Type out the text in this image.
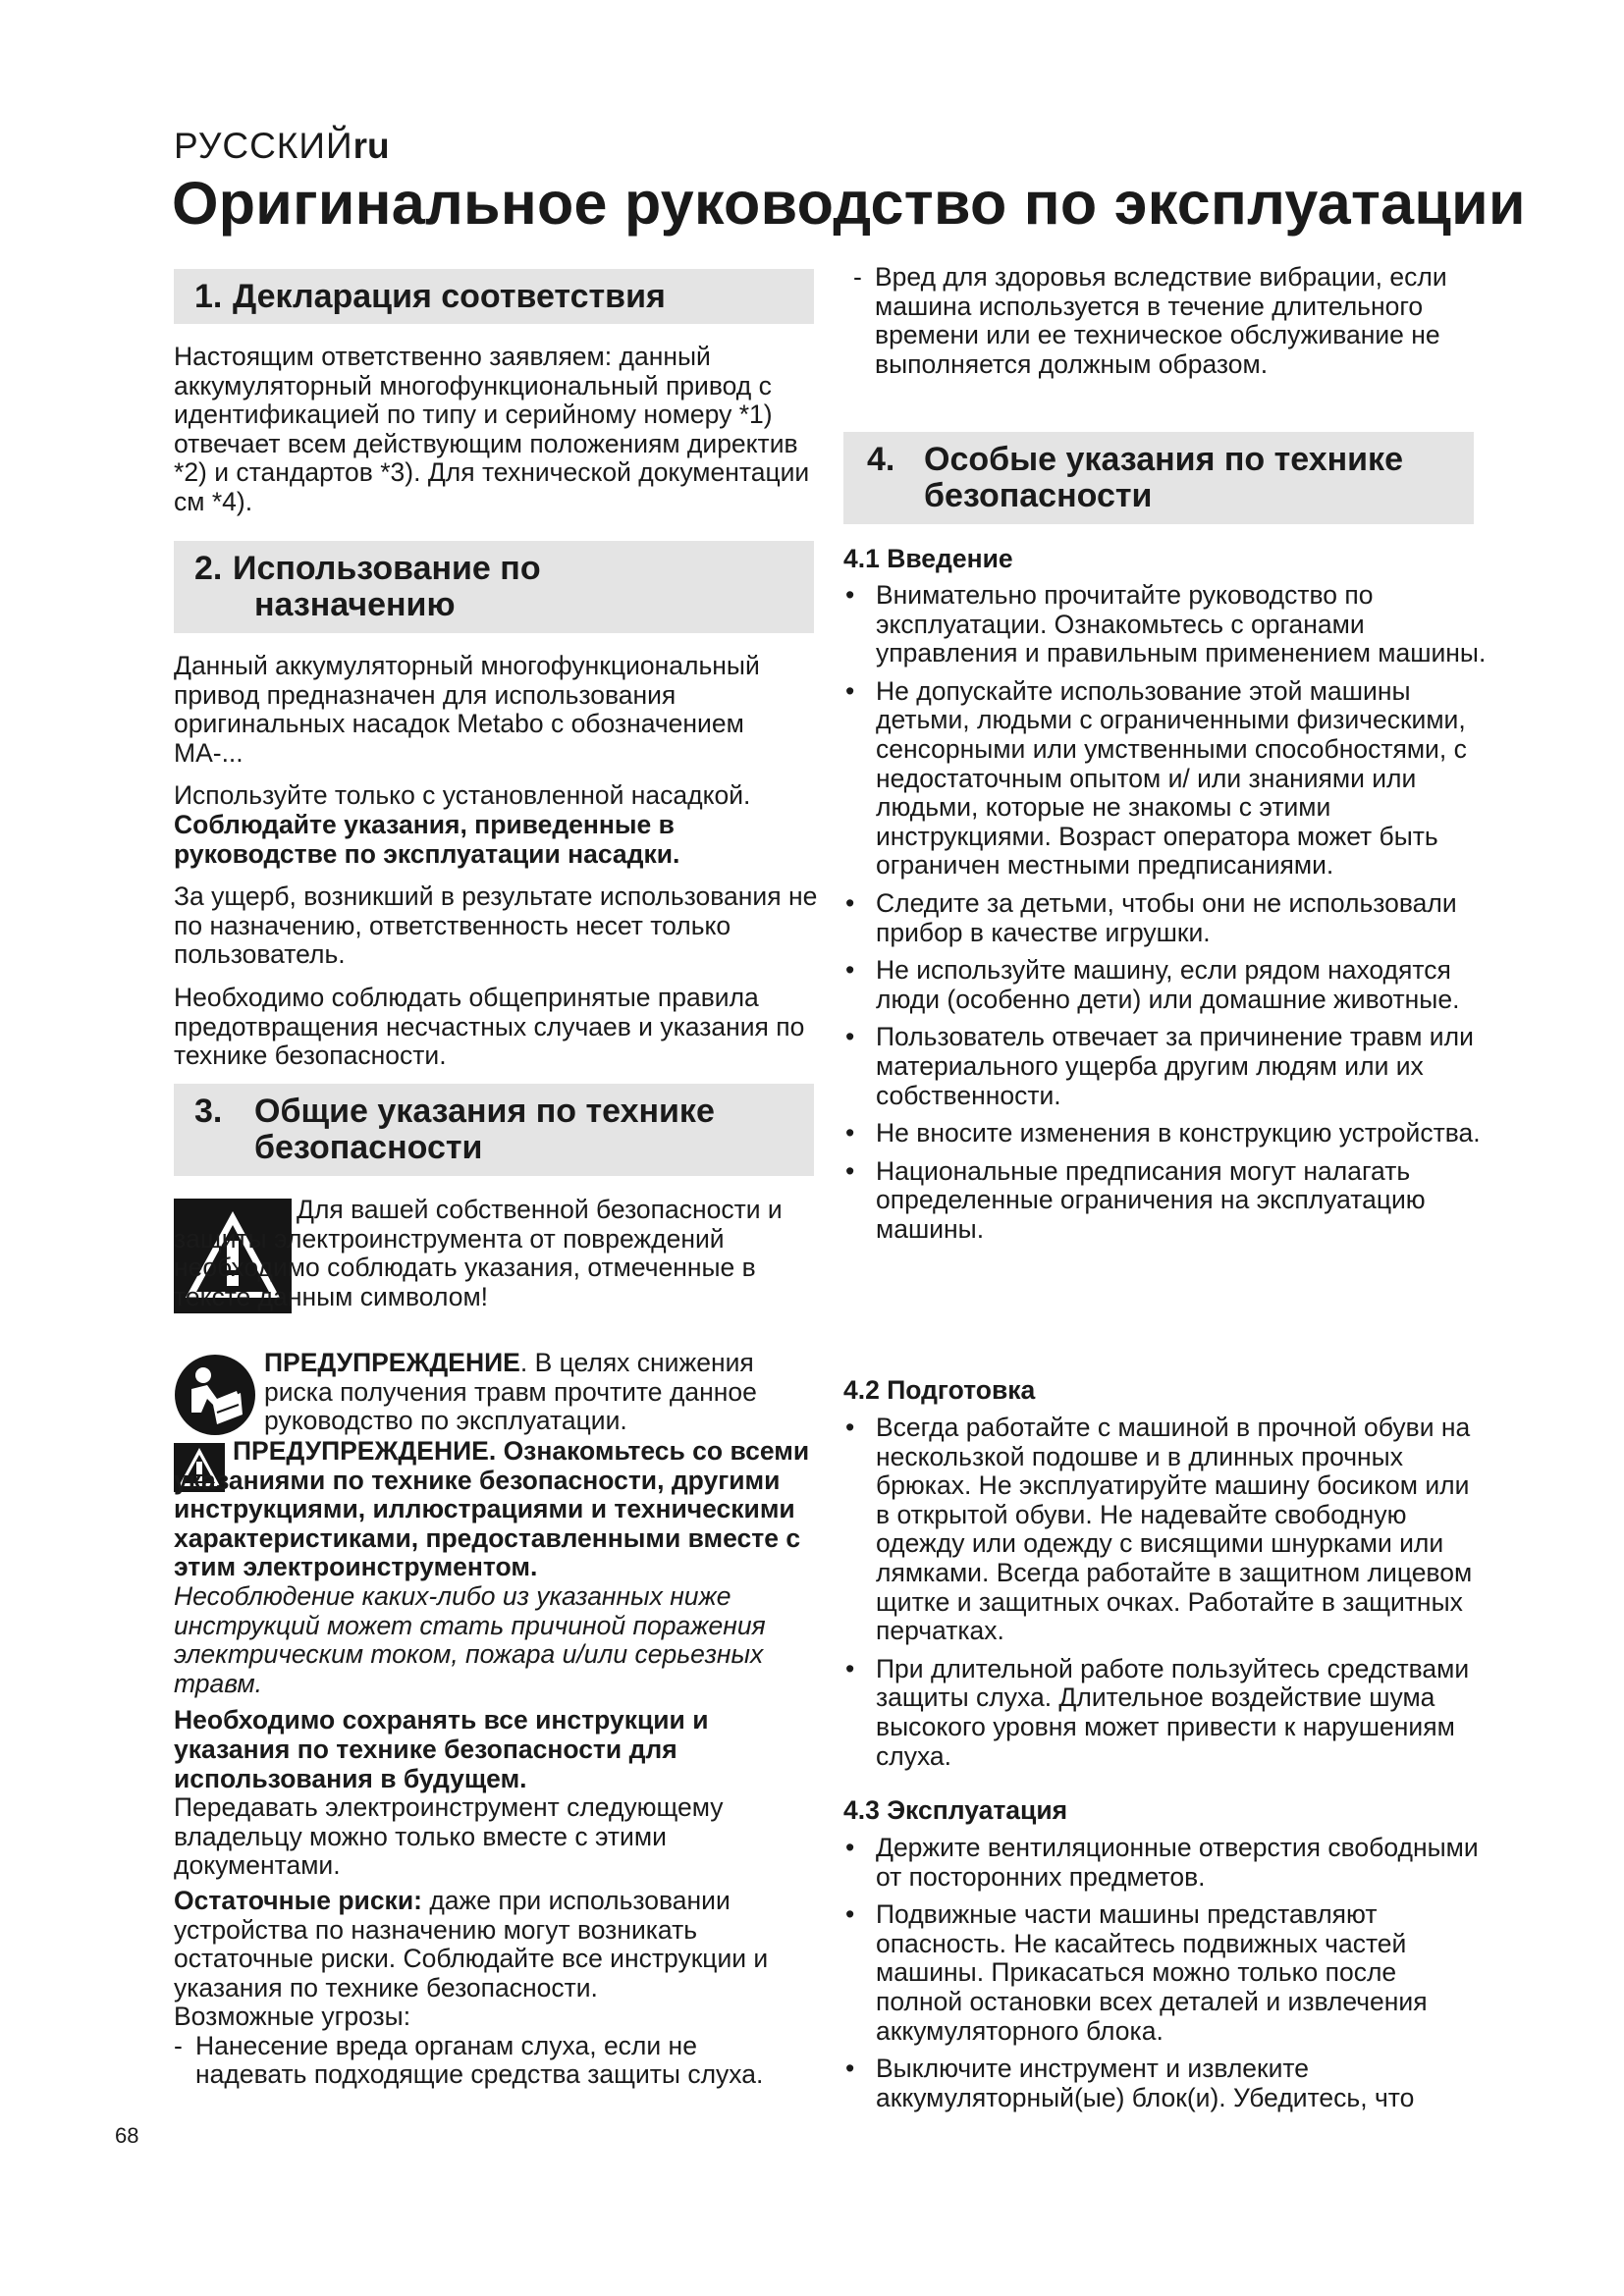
РУССКИЙru
Оригинальное руководство по эксплуатации
1. Декларация соответствия

Настоящим ответственно заявляем: данный аккумуляторный многофункциональный привод с идентификацией по типу и серийному номеру *1) отвечает всем действующим положениям директив *2) и стандартов *3). Для технической документации см *4).

2. Использование по
назначению

Данный аккумуляторный многофункциональный привод предназначен для использования оригинальных насадок Metabo с обозначением MA-...

Используйте только с установленной насадкой. Соблюдайте указания, приведенные в руководстве по эксплуатации насадки.

За ущерб, возникший в результате использования не по назначению, ответственность несет только пользователь.

Необходимо соблюдать общепринятые правила предотвращения несчастных случаев и указания по технике безопасности.

3. Общие указания по технике
безопасности

Для вашей собственной безопасности и защиты электроинструмента от повреждений необходимо соблюдать указания, отмеченные в тексте данным символом!

ПРЕДУПРЕЖДЕНИЕ. В целях снижения риска получения травм прочтите данное руководство по эксплуатации.

ПРЕДУПРЕЖДЕНИЕ. Ознакомьтесь со всеми указаниями по технике безопасности, другими инструкциями, иллюстрациями и техническими характеристиками, предоставленными вместе с этим электроинструментом.

Несоблюдение каких-либо из указанных ниже инструкций может стать причиной поражения электрическим током, пожара и/или серьезных травм.

Необходимо сохранять все инструкции и указания по технике безопасности для использования в будущем.

Передавать электроинструмент следующему владельцу можно только вместе с этими документами.

Остаточные риски: даже при использовании устройства по назначению могут возникать остаточные риски. Соблюдайте все инструкции и указания по технике безопасности.

Возможные угрозы:

- Нанесение вреда органам слуха, если не надевать подходящие средства защиты слуха.

68

- Вред для здоровья вследствие вибрации, если машина используется в течение длительного времени или ее техническое обслуживание не выполняется должным образом.

4. Особые указания по технике
безопасности
4.1 Введение
• Внимательно прочитайте руководство по эксплуатации. Ознакомьтесь с органами управления и правильным применением машины.
• Не допускайте использование этой машины детьми, людьми с ограниченными физическими, сенсорными или умственными способностями, с недостаточным опытом и/ или знаниями или людьми, которые не знакомы с этими инструкциями. Возраст оператора может быть ограничен местными предписаниями.
• Следите за детьми, чтобы они не использовали прибор в качестве игрушки.
• Не используйте машину, если рядом находятся люди (особенно дети) или домашние животные.
• Пользователь отвечает за причинение травм или материального ущерба другим людям или их собственности.
• Не вносите изменения в конструкцию устройства.
• Национальные предписания могут налагать определенные ограничения на эксплуатацию машины.
4.2 Подготовка
• Всегда работайте с машиной в прочной обуви на нескользкой подошве и в длинных прочных брюках. Не эксплуатируйте машину босиком или в открытой обуви. Не надевайте свободную одежду или одежду с висящими шнурками или лямками. Всегда работайте в защитном лицевом щитке и защитных очках. Работайте в защитных перчатках.
• При длительной работе пользуйтесь средствами защиты слуха. Длительное воздействие шума высокого уровня может привести к нарушениям слуха.
4.3 Эксплуатация
• Держите вентиляционные отверстия свободными от посторонних предметов.
• Подвижные части машины представляют опасность. Не касайтесь подвижных частей машины. Прикасаться можно только после полной остановки всех деталей и извлечения аккумуляторного блока.
• Выключите инструмент и извлеките аккумуляторный(ые) блок(и). Убедитесь, что
